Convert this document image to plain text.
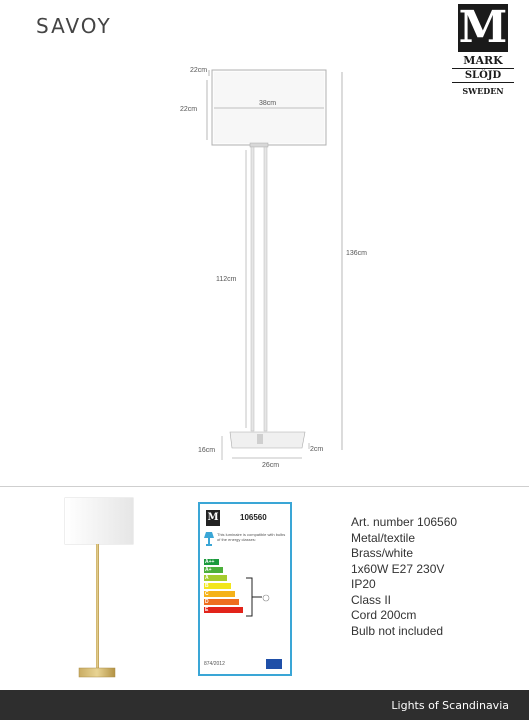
SAVOY	M
MARK
SLÖJD
SWEDEN
22cm
22cm
38cm
112cm
136cm
16cm	2cm
26cm
M	106560
This luminaire is compatible with bulbs of the energy classes:
A++
A+
A
B
C
D
E
874/2012
Art. number 106560
Metal/textile
Brass/white
1x60W E27 230V
IP20
Class II
Cord 200cm
Bulb not included
Lights of Scandinavia
